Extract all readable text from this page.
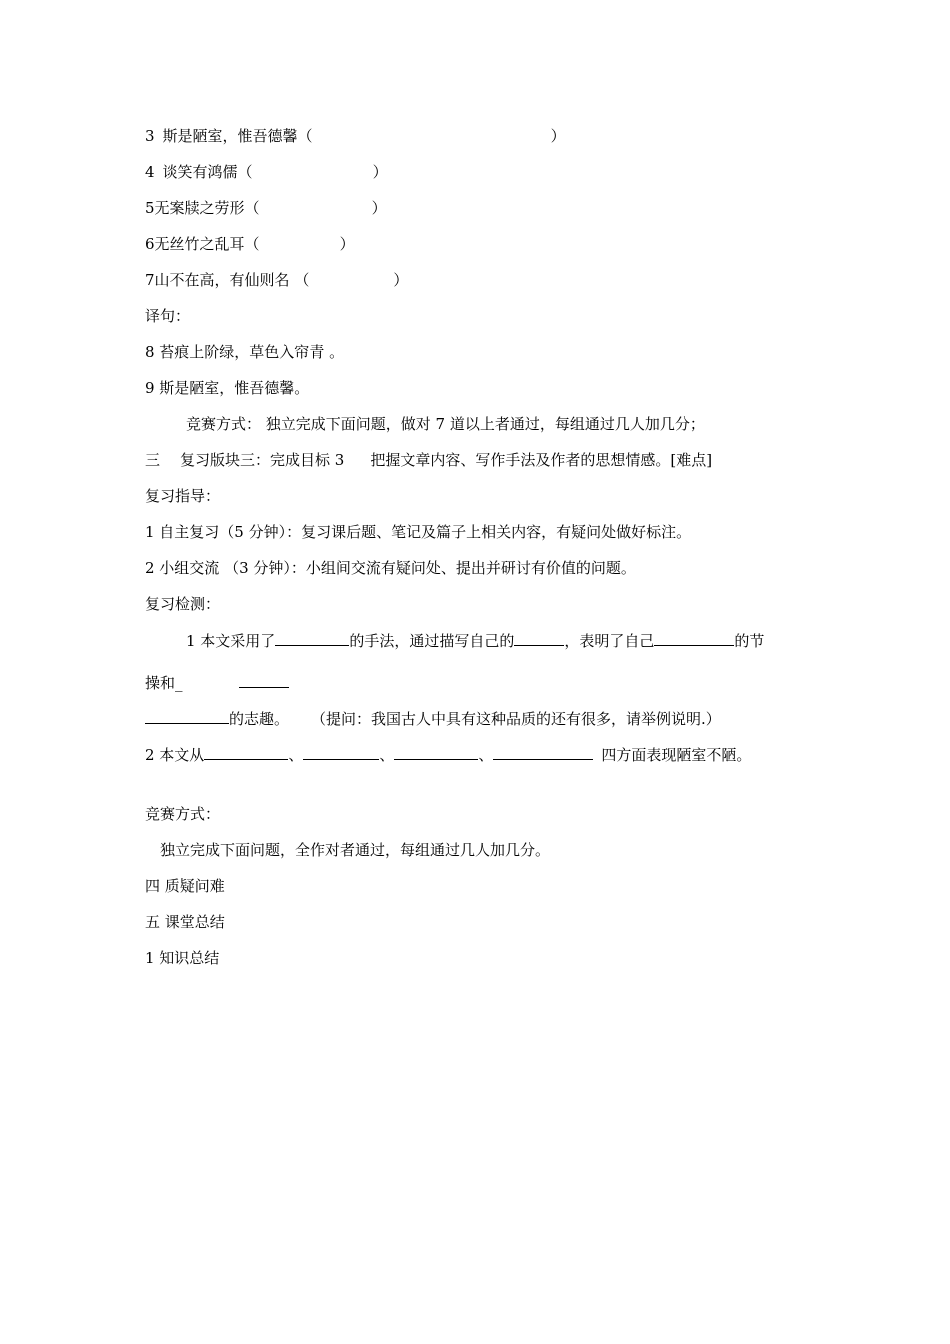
3 斯是陋室，惟吾德馨（	）
4 谈笑有鸿儒（	）
5无案牍之劳形（	）
6无丝竹之乱耳（	）
7山不在高，有仙则名 （	）
译句：
8 苔痕上阶绿，草色入帘青 。
9 斯是陋室，惟吾德馨。
竞赛方式： 独立完成下面问题，做对 7 道以上者通过，每组通过几人加几分；
三 复习版块三：完成目标 3 把握文章内容、写作手法及作者的思想情感。[难点]
复习指导：
1 自主复习（5 分钟）：复习课后题、笔记及篇子上相关内容，有疑问处做好标注。
2 小组交流 （3 分钟）：小组间交流有疑问处、提出并研讨有价值的问题。
复习检测：
1 本文采用了	的手法，通过描写自己的	，表明了自己	的节
操和_
的志趣。 （提问：我国古人中具有这种品质的还有很多，请举例说明.）
2 本文从	、	、	、	四方面表现陋室不陋。
竞赛方式：
独立完成下面问题，全作对者通过，每组通过几人加几分。
四 质疑问难
五 课堂总结
1 知识总结
